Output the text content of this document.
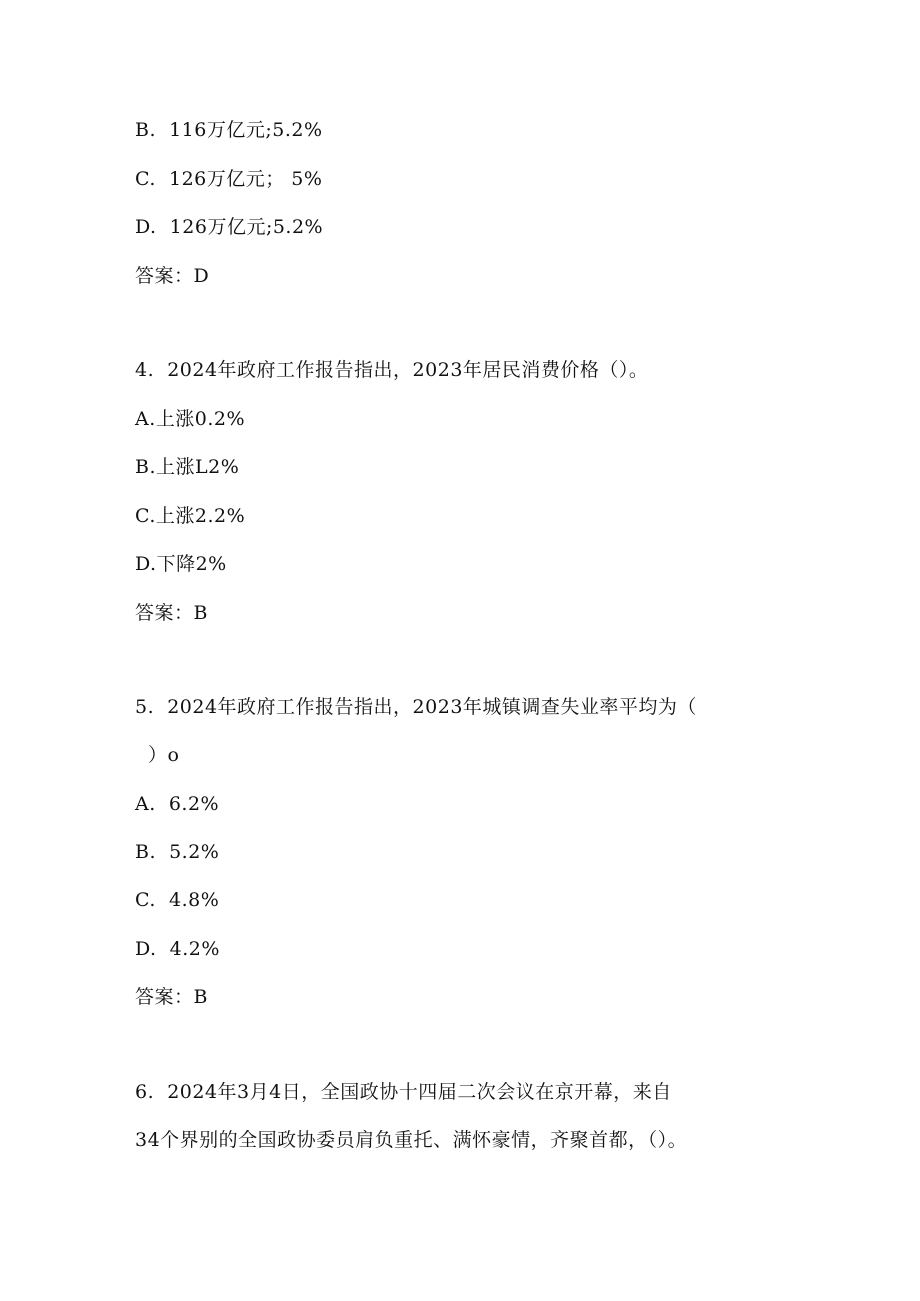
B.  116万亿元;5.2%
C.  126万亿元； 5%
D.  126万亿元;5.2%
答案：D
4.  2024年政府工作报告指出，2023年居民消费价格（）。
A.上涨0.2%
B.上涨L2%
C.上涨2.2%
D.下降2%
答案：B
5.  2024年政府工作报告指出，2023年城镇调查失业率平均为（
）o
A.  6.2%
B.  5.2%
C.  4.8%
D.  4.2%
答案：B
6.  2024年3月4日，全国政协十四届二次会议在京开幕，来自
34个界别的全国政协委员肩负重托、满怀豪情，齐聚首都，（）。
